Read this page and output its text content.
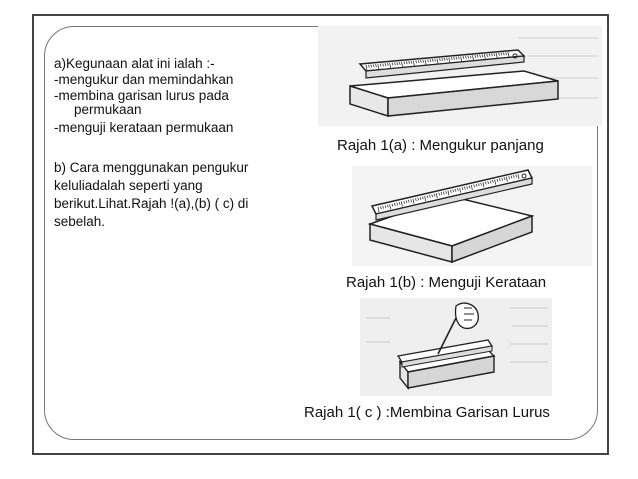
a)Kegunaan alat ini ialah :-
-mengukur dan memindahkan
-membina garisan lurus pada
permukaan
-menguji kerataan permukaan
b) Cara menggunakan pengukur
keluliadalah seperti yang
berikut.Lihat.Rajah !(a),(b) ( c) di
sebelah.
Rajah 1(a) : Mengukur panjang
Rajah 1(b) : Menguji Kerataan
Rajah 1( c ) :Membina Garisan Lurus
